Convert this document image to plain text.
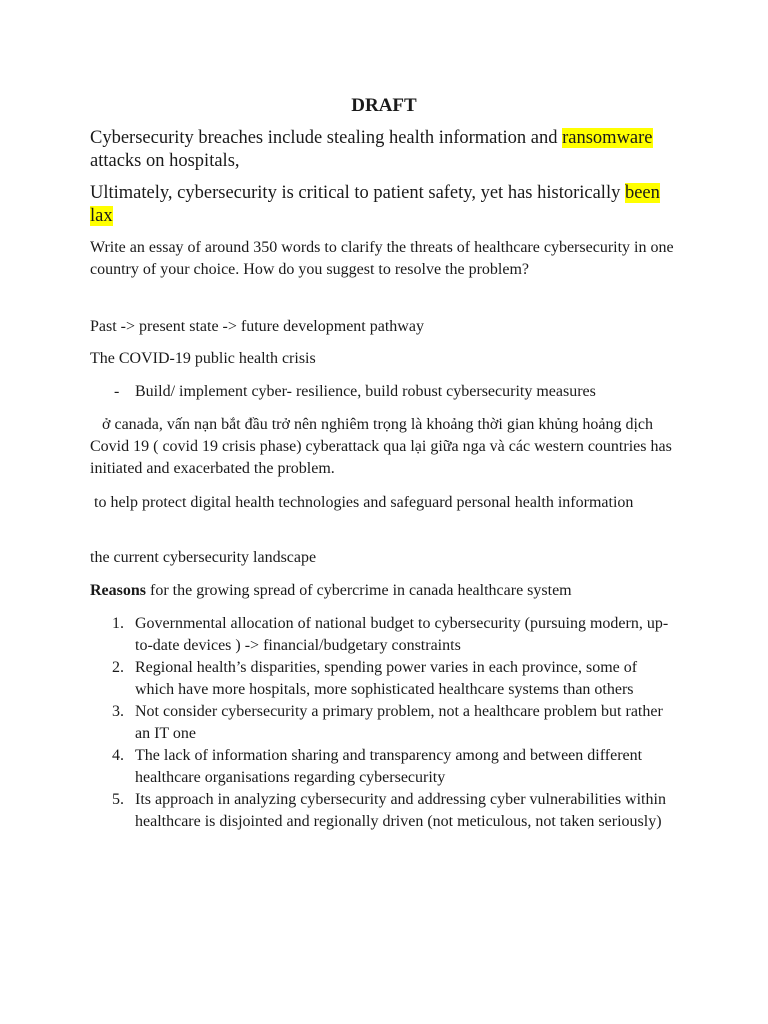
DRAFT

Cybersecurity breaches include stealing health information and ransomware attacks on hospitals,

Ultimately, cybersecurity is critical to patient safety, yet has historically been lax

Write an essay of around 350 words to clarify the threats of healthcare cybersecurity in one country of your choice. How do you suggest to resolve the problem?

Past -> present state -> future development pathway

The COVID-19 public health crisis

- Build/ implement cyber- resilience, build robust cybersecurity measures

ở canada, vấn nạn bắt đầu trở nên nghiêm trọng là khoảng thời gian khủng hoảng dịch Covid 19 ( covid 19 crisis phase) cyberattack qua lại giữa nga và các western countries has initiated and exacerbated the problem.

to help protect digital health technologies and safeguard personal health information

the current cybersecurity landscape

Reasons for the growing spread of cybercrime in canada healthcare system

1. Governmental allocation of national budget to cybersecurity (pursuing modern, up-to-date devices ) -> financial/budgetary constraints
2. Regional health’s disparities, spending power varies in each province, some of which have more hospitals, more sophisticated healthcare systems than others
3. Not consider cybersecurity a primary problem, not a healthcare problem but rather an IT one
4. The lack of information sharing and transparency among and between different healthcare organisations regarding cybersecurity
5. Its approach in analyzing cybersecurity and addressing cyber vulnerabilities within healthcare is disjointed and regionally driven (not meticulous, not taken seriously)
